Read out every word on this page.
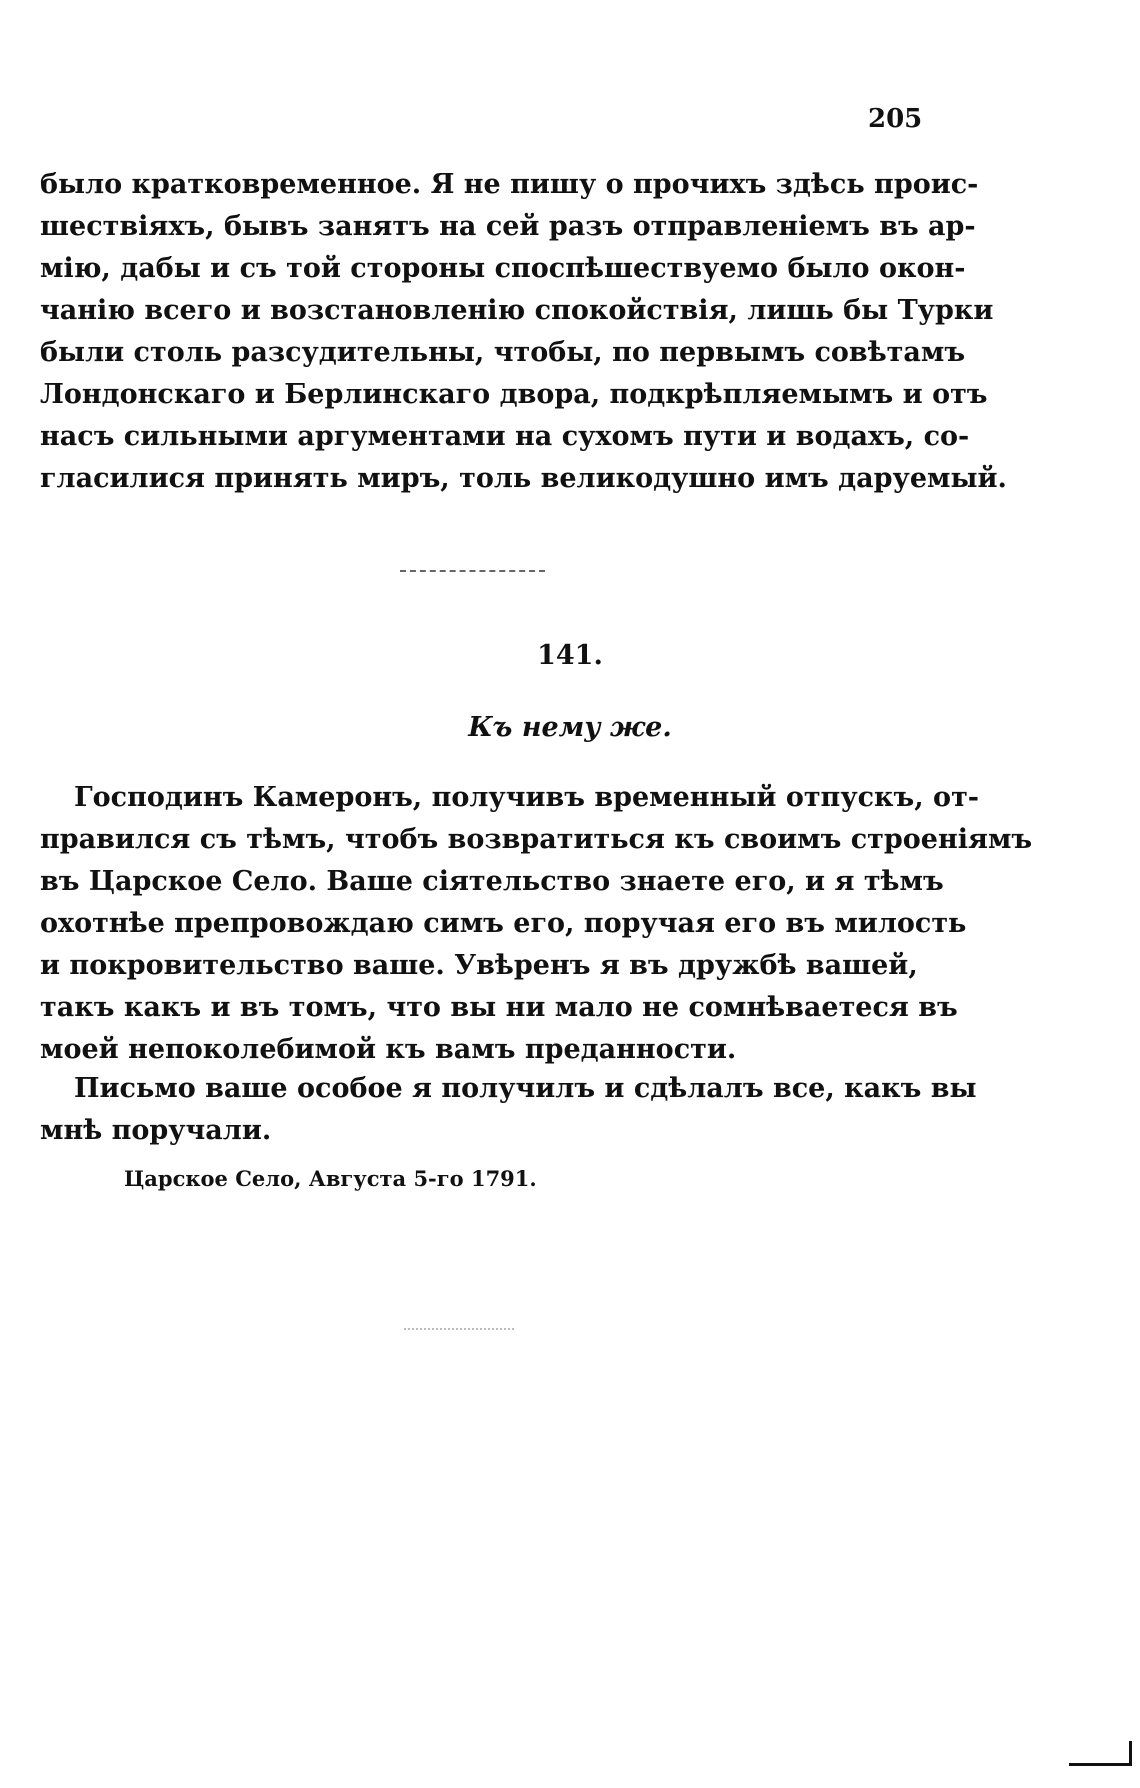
205
было кратковременное. Я не пишу о прочихъ здѣсь проис-
шествіяхъ, бывъ занятъ на сей разъ отправленіемъ въ ар-
мію, дабы и съ той стороны споспѣшествуемо было окон-
чанію всего и возстановленію спокойствія, лишь бы Турки
были столь разсудительны, чтобы, по первымъ совѣтамъ
Лондонскаго и Берлинскаго двора, подкрѣпляемымъ и отъ
насъ сильными аргументами на сухомъ пути и водахъ, со-
гласилися принять миръ, толь великодушно имъ даруемый.
141.
Къ нему же.
Господинъ Камеронъ, получивъ временный отпускъ, от-
правился съ тѣмъ, чтобъ возвратиться къ своимъ строеніямъ
въ Царское Село. Ваше сіятельство знаете его, и я тѣмъ
охотнѣе препровождаю симъ его, поручая его въ милость
и покровительство ваше. Увѣренъ я въ дружбѣ вашей,
такъ какъ и въ томъ, что вы ни мало не сомнѣваетеся въ
моей непоколебимой къ вамъ преданности.
Письмо ваше особое я получилъ и сдѣлалъ все, какъ вы
мнѣ поручали.
Царское Село, Августа 5-го 1791.
